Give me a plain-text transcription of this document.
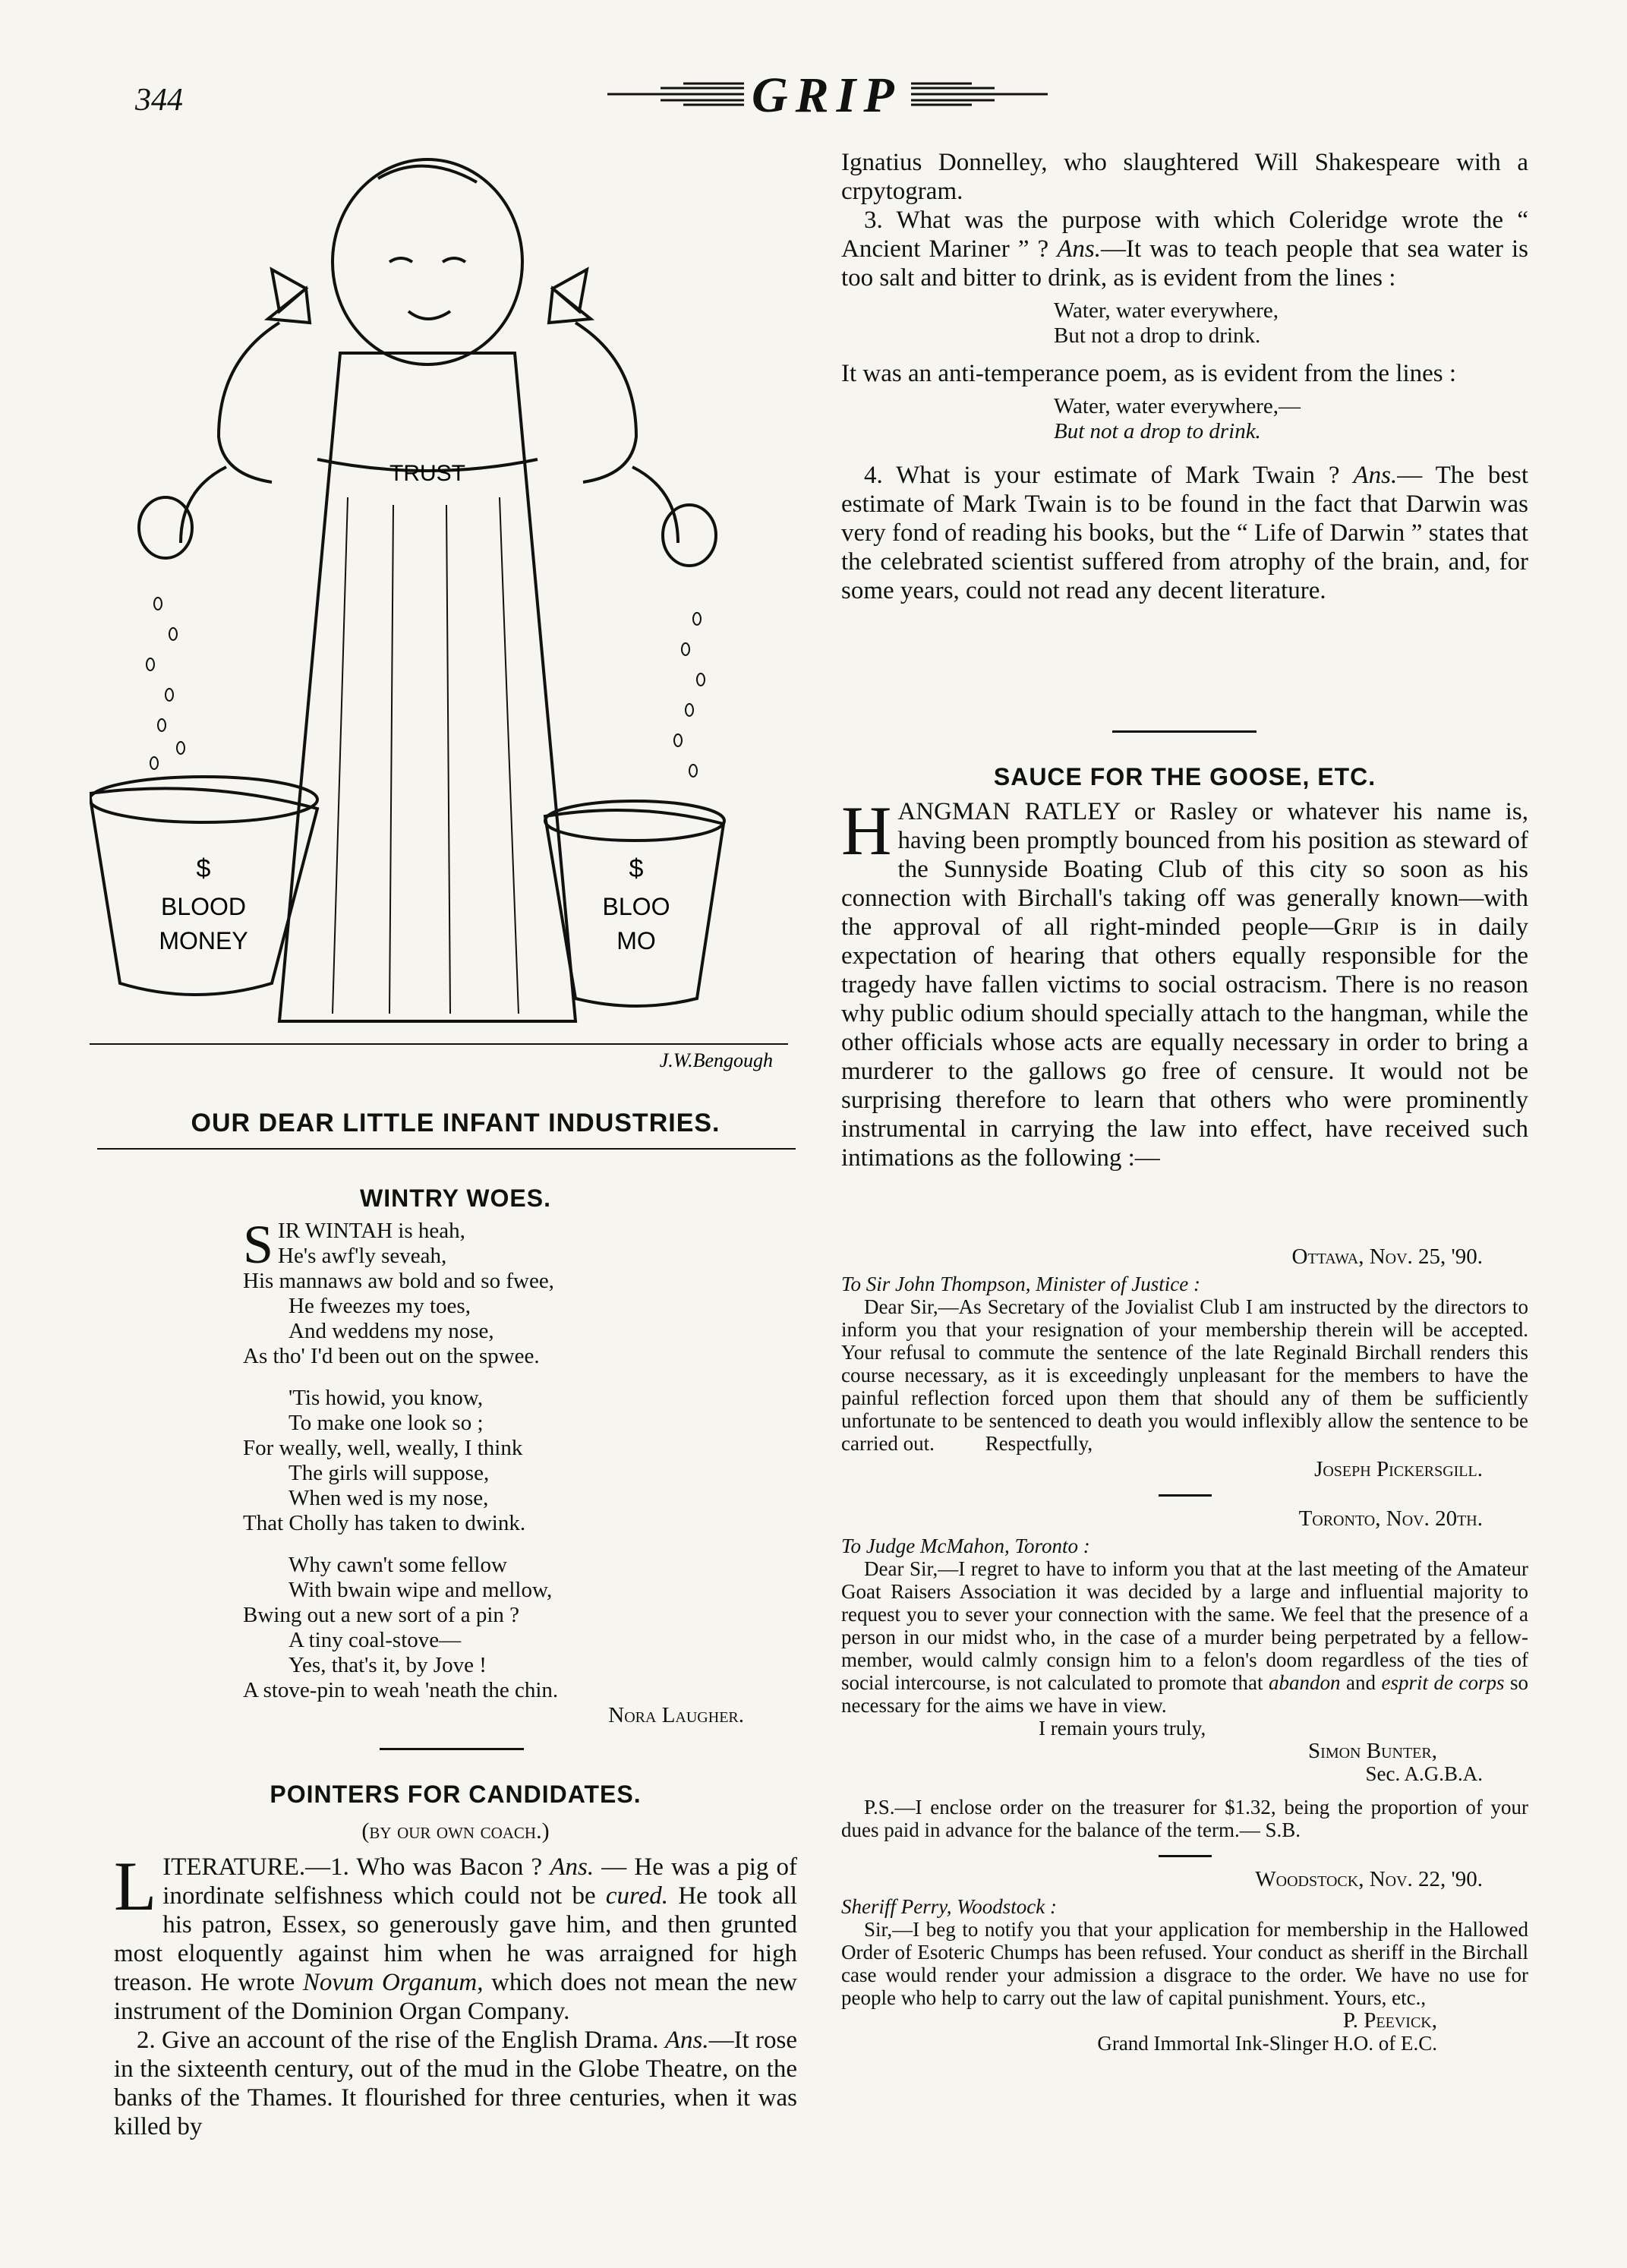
344	GRIP
TRUST
$
BLOOD
MONEY
$
BLOO
MO
J.W.Bengough
OUR DEAR LITTLE INFANT INDUSTRIES.
WINTRY WOES.
SIR WINTAH is heah,
He's awf'ly seveah,
His mannaws aw bold and so fwee,
He fweezes my toes,
And weddens my nose,
As tho' I'd been out on the spwee.
'Tis howid, you know,
To make one look so ;
For weally, well, weally, I think
The girls will suppose,
When wed is my nose,
That Cholly has taken to dwink.
Why cawn't some fellow
With bwain wipe and mellow,
Bwing out a new sort of a pin ?
A tiny coal-stove—
Yes, that's it, by Jove !
A stove-pin to weah 'neath the chin.
Nora Laugher.
POINTERS FOR CANDIDATES.
(by our own coach.)

LITERATURE.—1. Who was Bacon ? Ans. — He was a pig of inordinate selfishness which could not be cured. He took all his patron, Essex, so generously gave him, and then grunted most eloquently against him when he was arraigned for high treason. He wrote Novum Organum, which does not mean the new instrument of the Dominion Organ Company.

2. Give an account of the rise of the English Drama. Ans.—It rose in the sixteenth century, out of the mud in the Globe Theatre, on the banks of the Thames. It flourished for three centuries, when it was killed by

Ignatius Donnelley, who slaughtered Will Shakespeare with a crpytogram.

3. What was the purpose with which Coleridge wrote the “ Ancient Mariner ” ? Ans.—It was to teach people that sea water is too salt and bitter to drink, as is evident from the lines :

Water, water everywhere,
But not a drop to drink.

It was an anti-temperance poem, as is evident from the lines :

Water, water everywhere,—
But not a drop to drink.

4. What is your estimate of Mark Twain ? Ans.— The best estimate of Mark Twain is to be found in the fact that Darwin was very fond of reading his books, but the “ Life of Darwin ” states that the celebrated scientist suffered from atrophy of the brain, and, for some years, could not read any decent literature.

SAUCE FOR THE GOOSE, ETC.

HANGMAN RATLEY or Rasley or whatever his name is, having been promptly bounced from his position as steward of the Sunnyside Boating Club of this city so soon as his connection with Birchall's taking off was generally known—with the approval of all right-minded people—Grip is in daily expectation of hearing that others equally responsible for the tragedy have fallen victims to social ostracism. There is no reason why public odium should specially attach to the hangman, while the other officials whose acts are equally necessary in order to bring a murderer to the gallows go free of censure. It would not be surprising therefore to learn that others who were prominently instrumental in carrying the law into effect, have received such intimations as the following :—

Ottawa, Nov. 25, '90.
To Sir John Thompson, Minister of Justice :

Dear Sir,—As Secretary of the Jovialist Club I am instructed by the directors to inform you that your resignation of your membership therein will be accepted. Your refusal to commute the sentence of the late Reginald Birchall renders this course necessary, as it is exceedingly unpleasant for the members to have the painful reflection forced upon them that should any of them be sufficiently unfortunate to be sentenced to death you would inflexibly allow the sentence to be carried out. Respectfully,

Joseph Pickersgill.
Toronto, Nov. 20th.
To Judge McMahon, Toronto :

Dear Sir,—I regret to have to inform you that at the last meeting of the Amateur Goat Raisers Association it was decided by a large and influential majority to request you to sever your connection with the same. We feel that the presence of a person in our midst who, in the case of a murder being perpetrated by a fellow-member, would calmly consign him to a felon's doom regardless of the ties of social intercourse, is not calculated to promote that abandon and esprit de corps so necessary for the aims we have in view.

I remain yours truly,
Simon Bunter,
Sec. A.G.B.A.

P.S.—I enclose order on the treasurer for $1.32, being the proportion of your dues paid in advance for the balance of the term.— S.B.

Woodstock, Nov. 22, '90.
Sheriff Perry, Woodstock :

Sir,—I beg to notify you that your application for membership in the Hallowed Order of Esoteric Chumps has been refused. Your conduct as sheriff in the Birchall case would render your admission a disgrace to the order. We have no use for people who help to carry out the law of capital punishment. Yours, etc.,

P. Peevick,
Grand Immortal Ink-Slinger H.O. of E.C.
